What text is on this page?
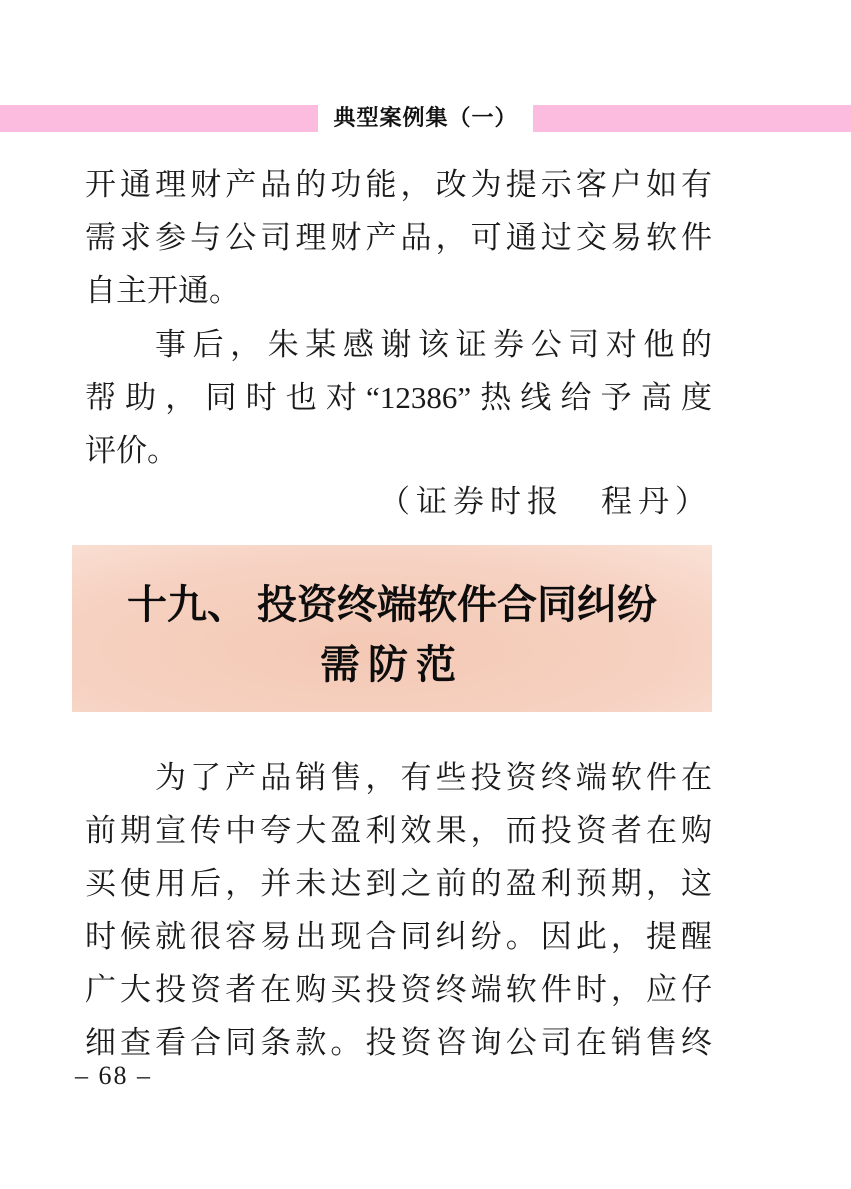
典型案例集（一）

开通理财产品的功能，改为提示客户如有

需求参与公司理财产品，可通过交易软件

自主开通。

事后，朱某感谢该证券公司对他的

帮助，同时也对“12386”热线给予高度

评价。

（证券时报　程丹）

十九、 投资终端软件合同纠纷

需防范

为了产品销售，有些投资终端软件在

前期宣传中夸大盈利效果，而投资者在购

买使用后，并未达到之前的盈利预期，这

时候就很容易出现合同纠纷。因此，提醒

广大投资者在购买投资终端软件时，应仔

细查看合同条款。投资咨询公司在销售终

– 68 –
